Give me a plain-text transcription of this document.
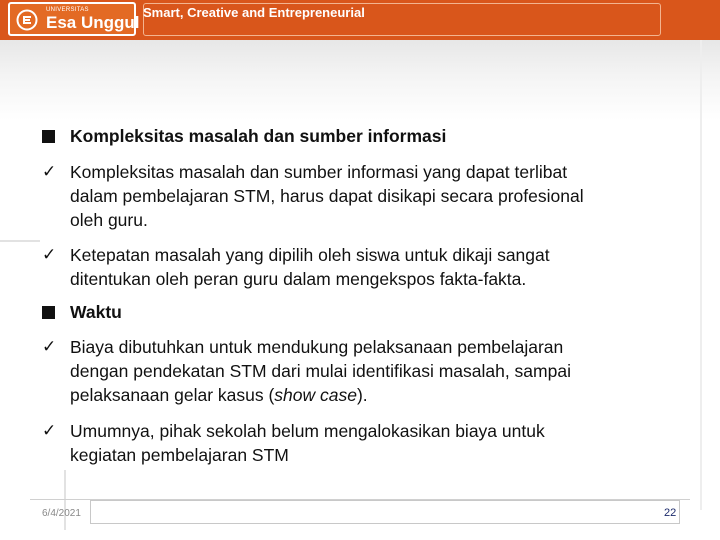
UNIVERSITAS
Esa Unggul
Smart, Creative and Entrepreneurial
Kompleksitas masalah dan sumber informasi
✓ Kompleksitas masalah dan sumber informasi yang dapat terlibat
dalam pembelajaran STM, harus dapat disikapi secara profesional
oleh guru.
✓ Ketepatan masalah yang dipilih oleh siswa untuk dikaji sangat
ditentukan oleh peran guru dalam mengekspos fakta-fakta.
Waktu
✓ Biaya dibutuhkan untuk mendukung pelaksanaan pembelajaran
dengan pendekatan STM dari mulai identifikasi masalah, sampai
pelaksanaan gelar kasus (show case).
✓ Umumnya, pihak sekolah belum mengalokasikan biaya untuk
kegiatan pembelajaran STM
6/4/2021	22
